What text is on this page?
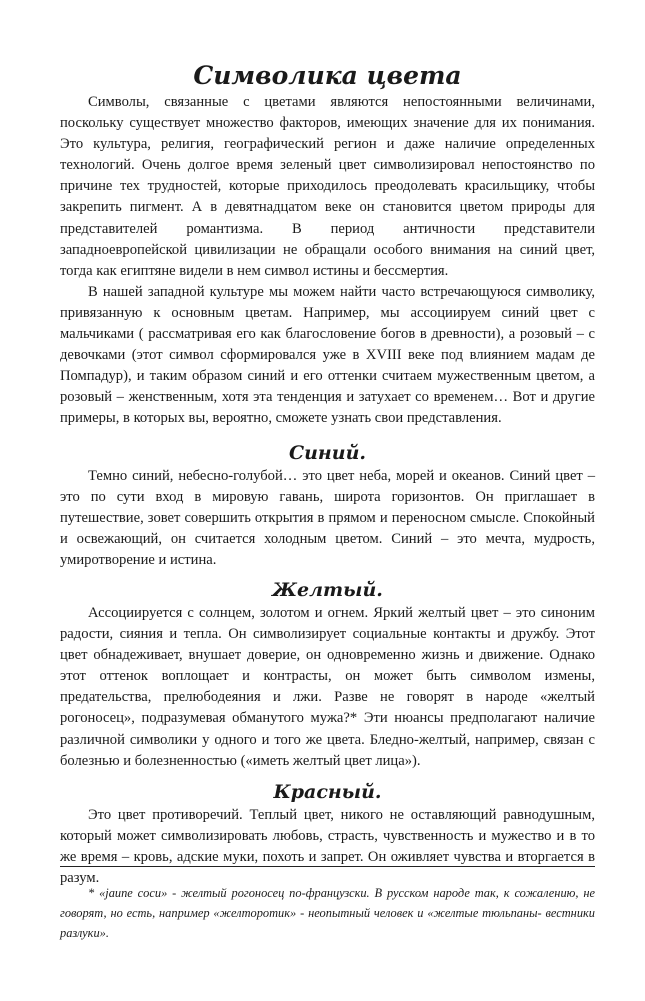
Символика цвета

Символы, связанные с цветами являются непостоянными величинами, поскольку существует множество факторов, имеющих значение для их понимания. Это культура, религия, географический регион и даже наличие определенных технологий. Очень долгое время зеленый цвет символизировал непостоянство по причине тех трудностей, которые приходилось преодолевать красильщику, чтобы закрепить пигмент. А в девятнадцатом веке он становится цветом природы для представителей романтизма. В период античности представители западноевропейской цивилизации не обращали особого внимания на синий цвет, тогда как египтяне видели в нем символ истины и бессмертия.

В нашей западной культуре мы можем найти часто встречающуюся символику, привязанную к основным цветам. Например, мы ассоциируем синий цвет с мальчиками ( рассматривая его как благословение богов в древности), а розовый – с девочками (этот символ сформировался уже в XVIII веке под влиянием мадам де Помпадур), и таким образом синий и его оттенки считаем мужественным цветом, а розовый – женственным, хотя эта тенденция и затухает со временем… Вот и другие примеры, в которых вы, вероятно, сможете узнать свои представления.

Синий.

Темно синий, небесно-голубой… это цвет неба, морей и океанов. Синий цвет – это по сути вход в мировую гавань, широта горизонтов. Он приглашает в путешествие, зовет совершить открытия в прямом и переносном смысле. Спокойный и освежающий, он считается холодным цветом. Синий – это мечта, мудрость, умиротворение и истина.

Желтый.

Ассоциируется с солнцем, золотом и огнем. Яркий желтый цвет – это синоним радости, сияния и тепла. Он символизирует социальные контакты и дружбу. Этот цвет обнадеживает, внушает доверие, он одновременно жизнь и движение. Однако этот оттенок воплощает и контрасты, он может быть символом измены, предательства, прелюбодеяния и лжи. Разве не говорят в народе «желтый рогоносец», подразумевая обманутого мужа?* Эти нюансы предполагают наличие различной символики у одного и того же цвета. Бледно-желтый, например, связан с болезнью и болезненностью («иметь желтый цвет лица»).

Красный.

Это цвет противоречий. Теплый цвет, никого не оставляющий равнодушным, который может символизировать любовь, страсть, чувственность и мужество и в то же время – кровь, адские муки, похоть и запрет. Он оживляет чувства и вторгается в разум.

* «jaune cocu» - желтый рогоносец по-французски. В русском народе так, к сожалению, не говорят, но есть, например «желторотик» - неопытный человек и «желтые тюльпаны- вестники разлуки».
